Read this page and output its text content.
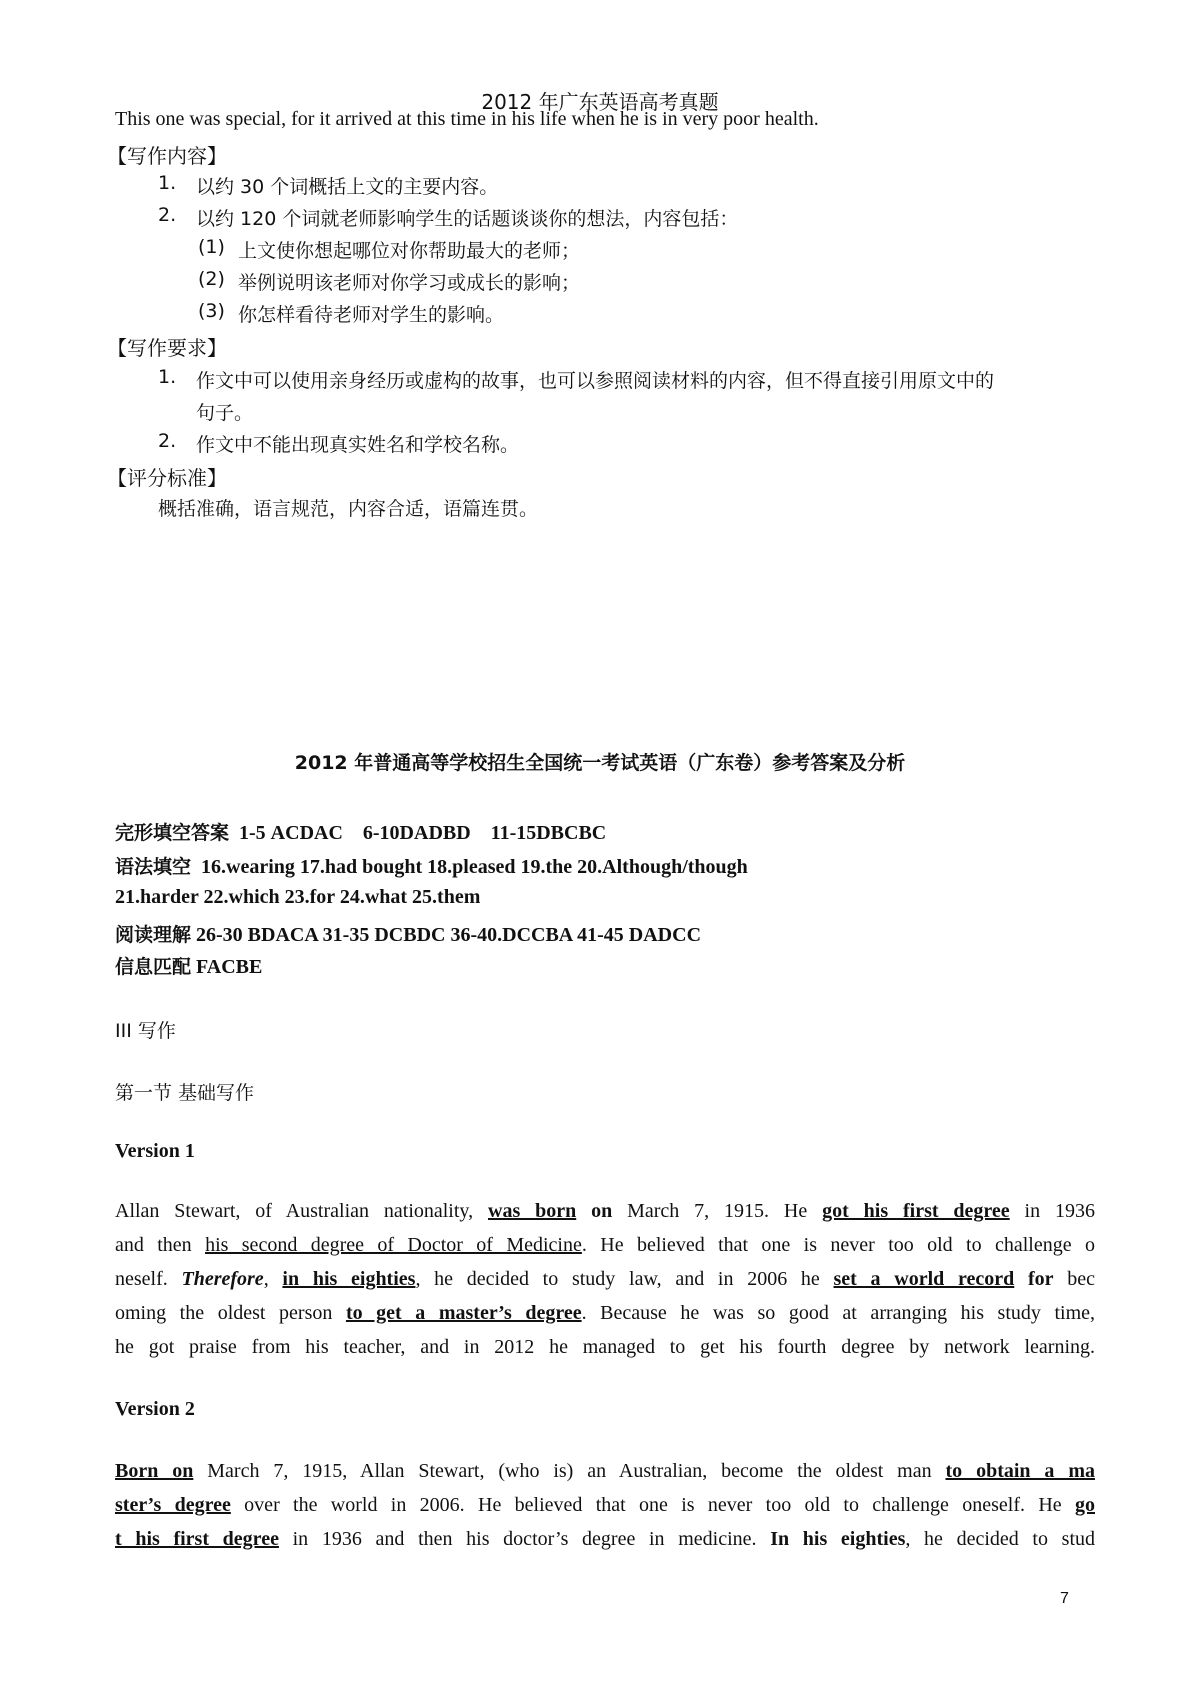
2012 年广东英语高考真题
This one was special, for it arrived at this time in his life when he is in very poor health.
【写作内容】
1. 以约 30 个词概括上文的主要内容。
2. 以约 120 个词就老师影响学生的话题谈谈你的想法，内容包括：
(1) 上文使你想起哪位对你帮助最大的老师；
(2) 举例说明该老师对你学习或成长的影响；
(3) 你怎样看待老师对学生的影响。
【写作要求】
1. 作文中可以使用亲身经历或虚构的故事，也可以参照阅读材料的内容，但不得直接引用原文中的
句子。
2. 作文中不能出现真实姓名和学校名称。
【评分标准】
概括准确，语言规范，内容合适，语篇连贯。
2012 年普通高等学校招生全国统一考试英语（广东卷）参考答案及分析
完形填空答案 1-5 ACDAC    6-10DADBD    11-15DBCBC
语法填空 16.wearing 17.had bought 18.pleased 19.the 20.Although/though
21.harder 22.which 23.for 24.what 25.them
阅读理解 26-30 BDACA 31-35 DCBDC 36-40.DCCBA 41-45 DADCC
信息匹配 FACBE
III 写作
第一节 基础写作
Version 1
Allan Stewart, of Australian nationality, was born on March 7, 1915. He got his first degree in 1936
and then his second degree of Doctor of Medicine. He believed that one is never too old to challenge o
neself. Therefore, in his eighties, he decided to study law, and in 2006 he set a world record for bec
oming the oldest person to get a master’s degree. Because he was so good at arranging his study time,
he got praise from his teacher, and in 2012 he managed to get his fourth degree by network learning.
Version 2
Born on March 7, 1915, Allan Stewart, (who is) an Australian, become the oldest man to obtain a ma
ster’s degree over the world in 2006. He believed that one is never too old to challenge oneself. He go
t his first degree in 1936 and then his doctor’s degree in medicine. In his eighties, he decided to stud
7
